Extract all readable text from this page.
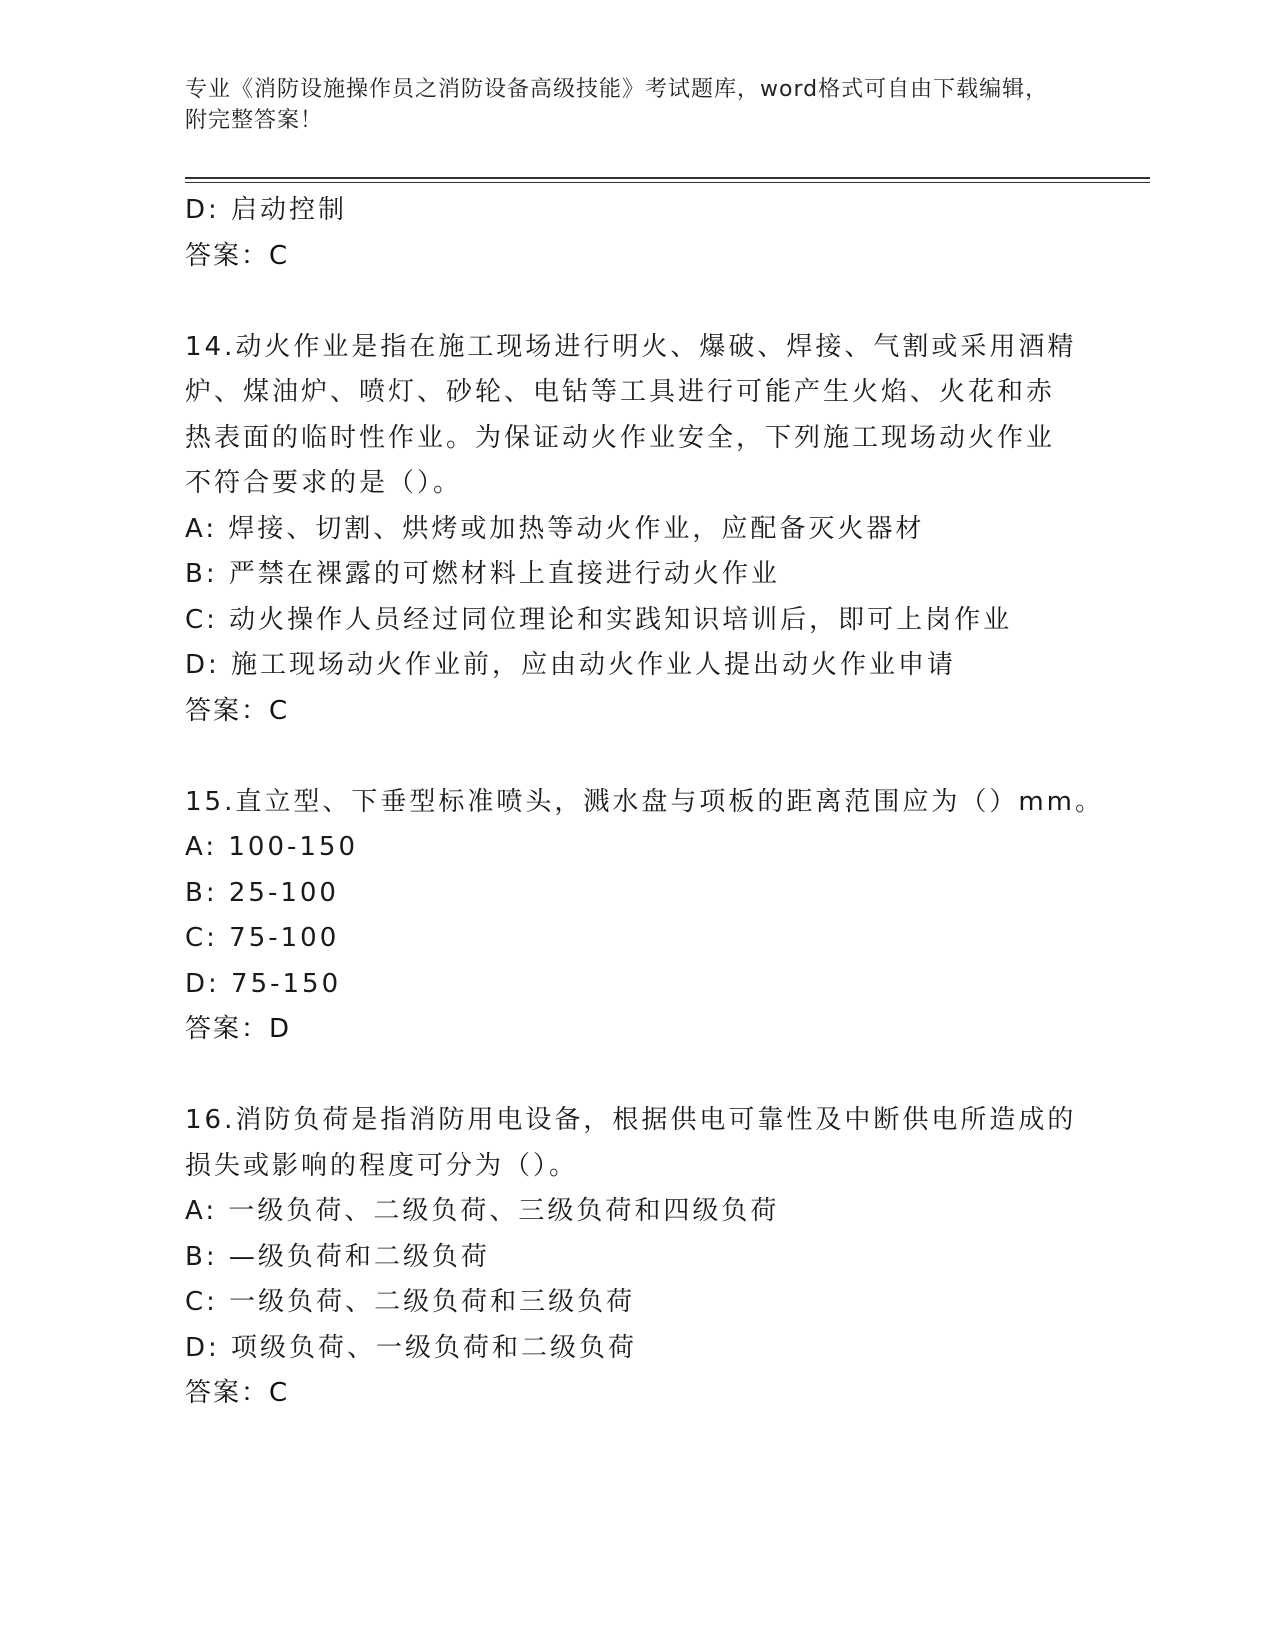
专业《消防设施操作员之消防设备高级技能》考试题库，word格式可自由下载编辑，附完整答案！
D: 启动控制
答案：C
14.动火作业是指在施工现场进行明火、爆破、焊接、气割或采用酒精
炉、煤油炉、喷灯、砂轮、电钻等工具进行可能产生火焰、火花和赤
热表面的临时性作业。为保证动火作业安全，下列施工现场动火作业
不符合要求的是（）。
A: 焊接、切割、烘烤或加热等动火作业，应配备灭火器材
B: 严禁在裸露的可燃材料上直接进行动火作业
C: 动火操作人员经过同位理论和实践知识培训后，即可上岗作业
D: 施工现场动火作业前，应由动火作业人提出动火作业申请
答案：C
15.直立型、下垂型标准喷头，溅水盘与项板的距离范围应为（）mm。
A: 100-150
B: 25-100
C: 75-100
D: 75-150
答案：D
16.消防负荷是指消防用电设备，根据供电可靠性及中断供电所造成的
损失或影响的程度可分为（）。
A: 一级负荷、二级负荷、三级负荷和四级负荷
B: —级负荷和二级负荷
C: 一级负荷、二级负荷和三级负荷
D: 项级负荷、一级负荷和二级负荷
答案：C
